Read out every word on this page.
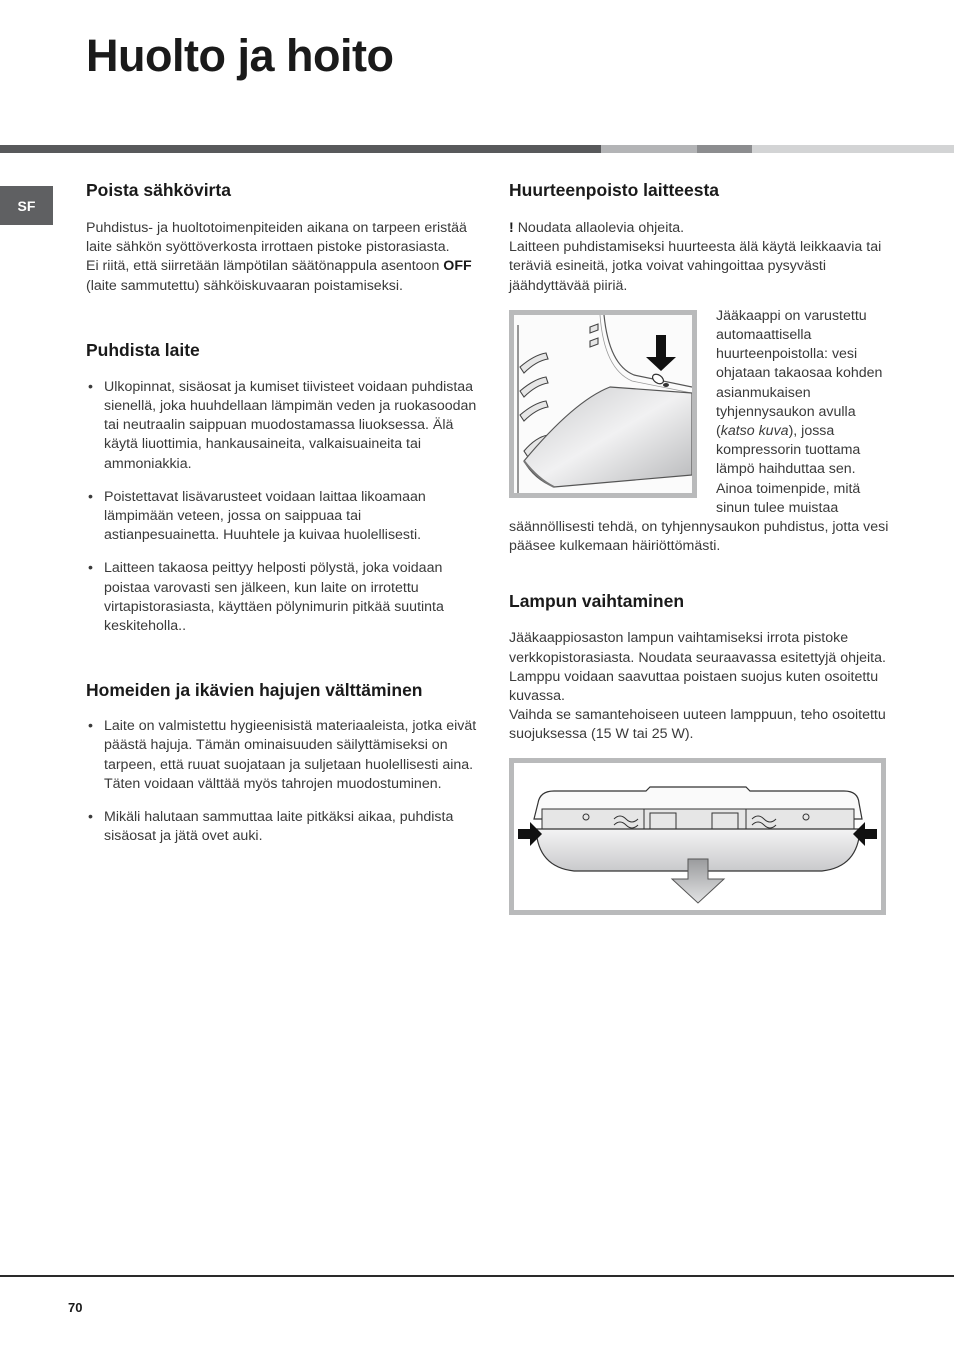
Huolto ja hoito
SF
Poista sähkövirta

Puhdistus- ja huoltotoimenpiteiden aikana on tarpeen eristää laite sähkön syöttöverkosta irrottaen pistoke pistorasiasta.

Ei riitä, että siirretään lämpötilan säätönappula asentoon OFF (laite sammutettu) sähköiskuvaaran poistamiseksi.

Puhdista laite
• Ulkopinnat, sisäosat ja kumiset tiivisteet voidaan puhdistaa sienellä, joka huuhdellaan lämpimän veden ja ruokasoodan tai neutraalin saippuan muodostamassa liuoksessa. Älä käytä liuottimia, hankausaineita, valkaisuaineita tai ammoniakkia.
• Poistettavat lisävarusteet voidaan laittaa likoamaan lämpimään veteen, jossa on saippuaa tai astianpesuainetta. Huuhtele ja kuivaa huolellisesti.
• Laitteen takaosa peittyy helposti pölystä, joka voidaan poistaa varovasti sen jälkeen, kun laite on irrotettu virtapistorasiasta, käyttäen pölynimurin pitkää suutinta keskiteholla..
Homeiden ja ikävien hajujen välttäminen
• Laite on valmistettu hygieenisistä materiaaleista, jotka eivät päästä hajuja. Tämän ominaisuuden säilyttämiseksi on tarpeen, että ruuat suojataan ja suljetaan huolellisesti aina. Täten voidaan välttää myös tahrojen muodostuminen.
• Mikäli halutaan sammuttaa laite pitkäksi aikaa, puhdista sisäosat ja jätä ovet auki.
Huurteenpoisto laitteesta

! Noudata allaolevia ohjeita.

Laitteen puhdistamiseksi huurteesta älä käytä leikkaavia tai teräviä esineitä, jotka voivat vahingoittaa pysyvästi jäähdyttävää piiriä.

Jääkaappi on varustettu automaattisella huurteenpoistolla: vesi ohjataan takaosaa kohden asianmukaisen tyhjennysaukon avulla (katso kuva), jossa kompressorin tuottama lämpö haihduttaa sen. Ainoa toimenpide, mitä sinun tulee muistaa säännöllisesti tehdä, on tyhjennysaukon puhdistus, jotta vesi pääsee kulkemaan häiriöttömästi.

Lampun vaihtaminen

Jääkaappiosaston lampun vaihtamiseksi irrota pistoke verkkopistorasiasta. Noudata seuraavassa esitettyjä ohjeita.

Lamppu voidaan saavuttaa poistaen suojus kuten osoitettu kuvassa.

Vaihda se samantehoiseen uuteen lamppuun, teho osoitettu suojuksessa (15 W tai 25 W).

70
